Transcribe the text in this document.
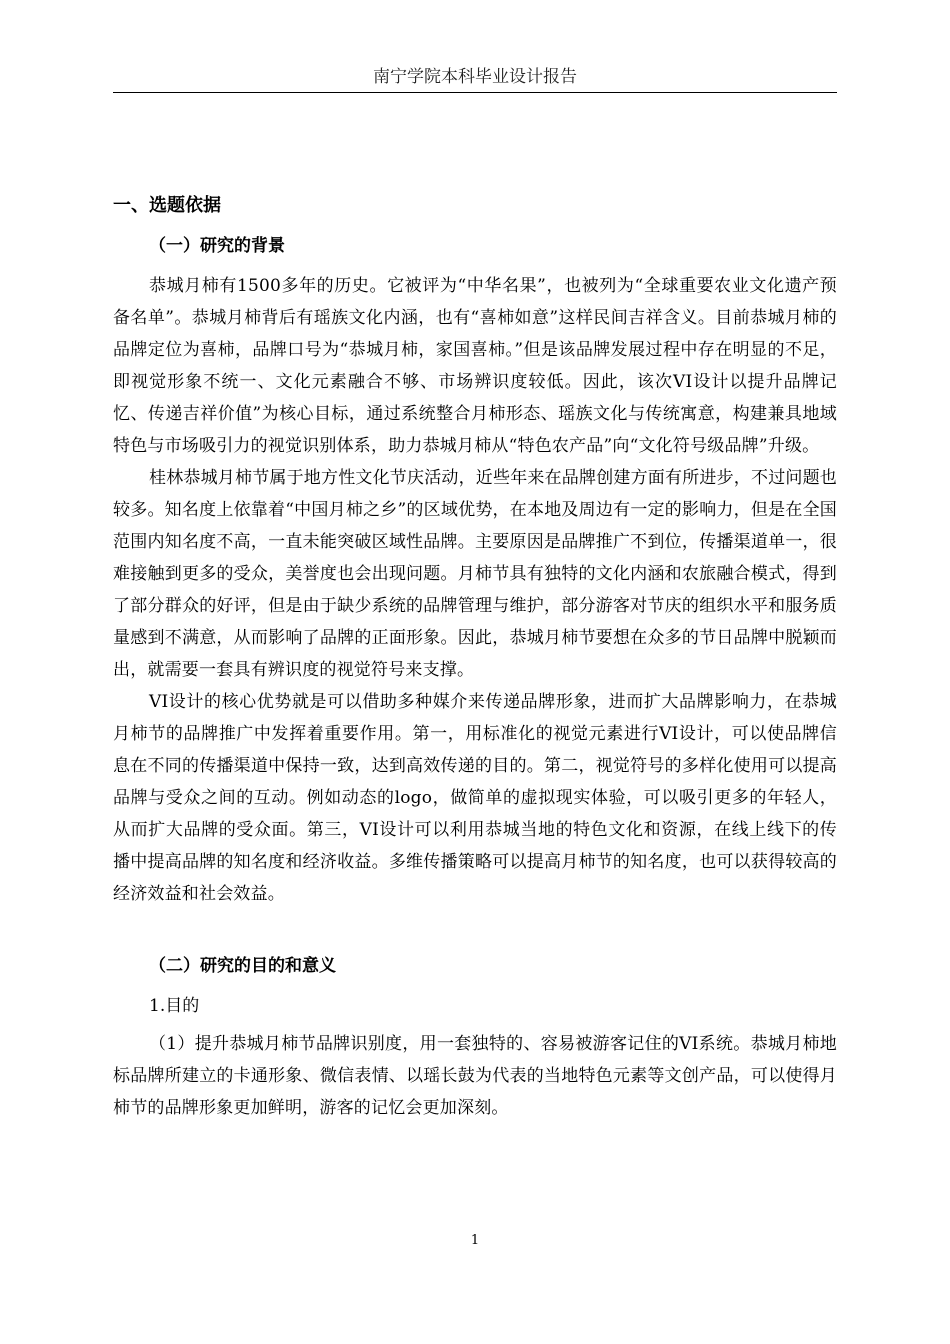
南宁学院本科毕业设计报告
一、选题依据
（一）研究的背景

恭城月柿有1500多年的历史。它被评为“中华名果”，也被列为“全球重要农业文化遗产预备名单”。恭城月柿背后有瑶族文化内涵，也有“喜柿如意”这样民间吉祥含义。目前恭城月柿的品牌定位为喜柿，品牌口号为“恭城月柿，家国喜柿。”但是该品牌发展过程中存在明显的不足，即视觉形象不统一、文化元素融合不够、市场辨识度较低。因此，该次VI设计以提升品牌记忆、传递吉祥价值”为核心目标，通过系统整合月柿形态、瑶族文化与传统寓意，构建兼具地域特色与市场吸引力的视觉识别体系，助力恭城月柿从“特色农产品”向“文化符号级品牌”升级。

桂林恭城月柿节属于地方性文化节庆活动，近些年来在品牌创建方面有所进步，不过问题也较多。知名度上依靠着“中国月柿之乡”的区域优势，在本地及周边有一定的影响力，但是在全国范围内知名度不高，一直未能突破区域性品牌。主要原因是品牌推广不到位，传播渠道单一，很难接触到更多的受众，美誉度也会出现问题。月柿节具有独特的文化内涵和农旅融合模式，得到了部分群众的好评，但是由于缺少系统的品牌管理与维护，部分游客对节庆的组织水平和服务质量感到不满意，从而影响了品牌的正面形象。因此，恭城月柿节要想在众多的节日品牌中脱颖而出，就需要一套具有辨识度的视觉符号来支撑。

VI设计的核心优势就是可以借助多种媒介来传递品牌形象，进而扩大品牌影响力，在恭城月柿节的品牌推广中发挥着重要作用。第一，用标准化的视觉元素进行VI设计，可以使品牌信息在不同的传播渠道中保持一致，达到高效传递的目的。第二，视觉符号的多样化使用可以提高品牌与受众之间的互动。例如动态的logo，做简单的虚拟现实体验，可以吸引更多的年轻人，从而扩大品牌的受众面。第三，VI设计可以利用恭城当地的特色文化和资源，在线上线下的传播中提高品牌的知名度和经济收益。多维传播策略可以提高月柿节的知名度，也可以获得较高的经济效益和社会效益。

（二）研究的目的和意义
1.目的

（1）提升恭城月柿节品牌识别度，用一套独特的、容易被游客记住的VI系统。恭城月柿地标品牌所建立的卡通形象、微信表情、以瑶长鼓为代表的当地特色元素等文创产品，可以使得月柿节的品牌形象更加鲜明，游客的记忆会更加深刻。

1
